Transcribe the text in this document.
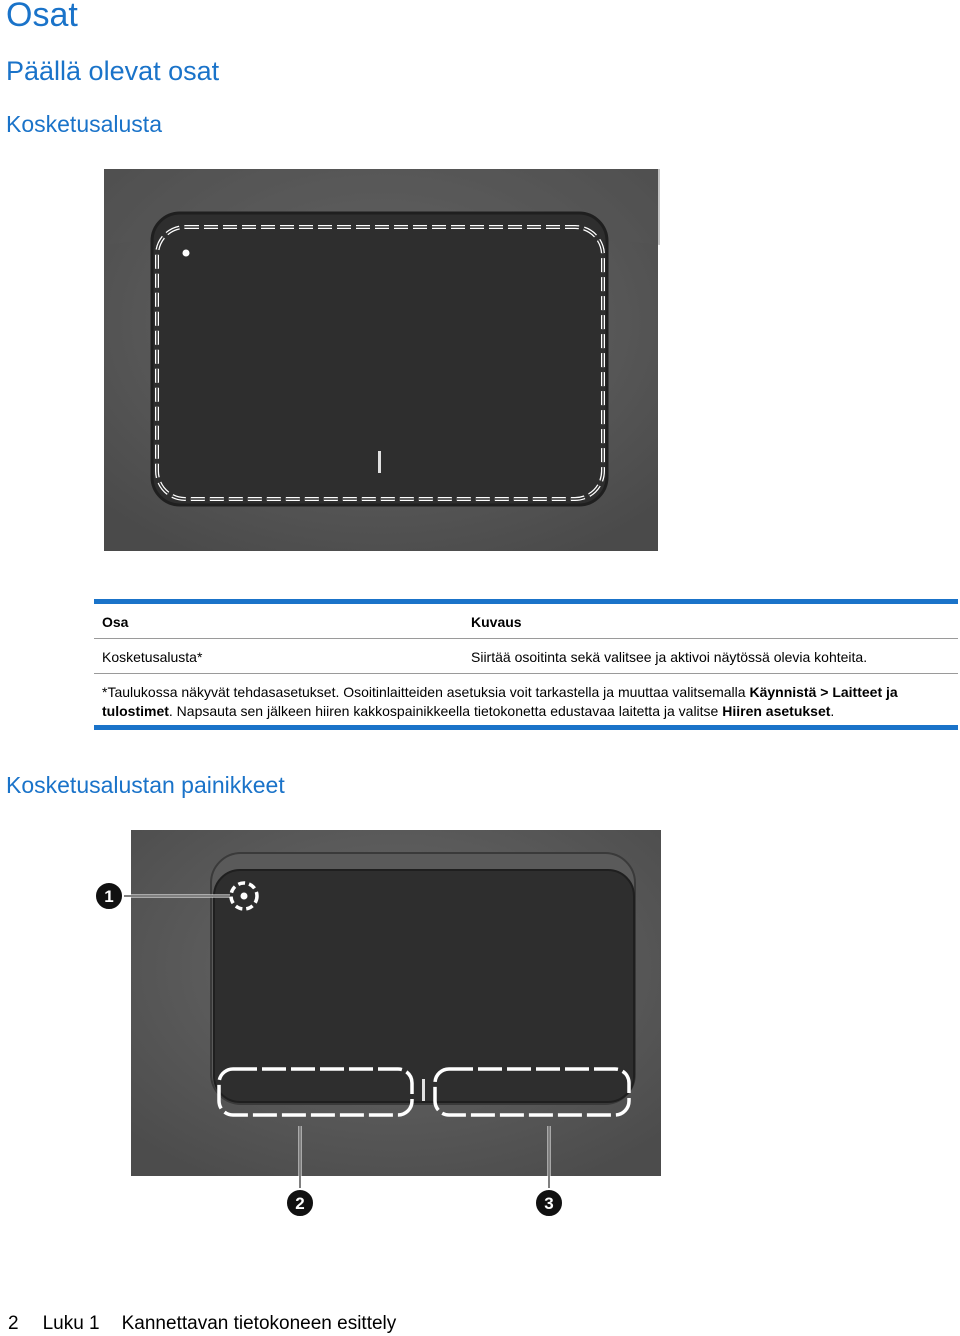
Osat
Päällä olevat osat
Kosketusalusta
Osa	Kuvaus
Kosketusalusta*	Siirtää osoitinta sekä valitsee ja aktivoi näytössä olevia kohteita.
*Taulukossa näkyvät tehdasasetukset. Osoitinlaitteiden asetuksia voit tarkastella ja muuttaa valitsemalla Käynnistä > Laitteet ja tulostimet. Napsauta sen jälkeen hiiren kakkospainikkeella tietokonetta edustavaa laitetta ja valitse Hiiren asetukset.
Kosketusalustan painikkeet
1
2	3
2 Luku 1 Kannettavan tietokoneen esittely
